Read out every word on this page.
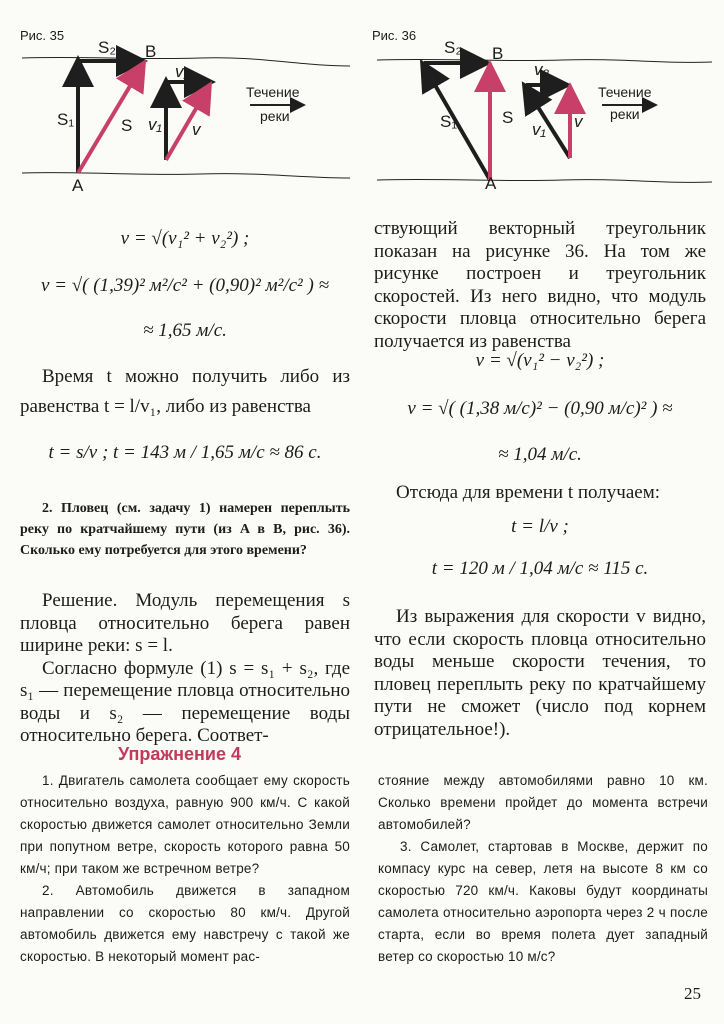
Рис. 35
S₂ B
A
S₁	S
v₂
v₁ v
Течение
реки
Рис. 36
S₂ B
A
S₁	S
v₂
v₁ v
Течение
реки
v = √(v₁² + v₂²) ;
v = √( (1,39)² м²/с² + (0,90)² м²/с² ) ≈
≈ 1,65 м/с.
Время t можно получить либо из равенства t = l/v₁, либо из равенства
t = s/v ; t = 143 м / 1,65 м/с ≈ 86 с.
2. Пловец (см. задачу 1) намерен переплыть реку по кратчайшему пути (из A в B, рис. 36). Сколько ему потребуется для этого времени?

Решение. Модуль перемещения s пловца относительно берега равен ширине реки: s = l.

Согласно формуле (1) s = s₁ + s₂, где s₁ — перемещение пловца относительно воды и s₂ — перемещение воды относительно берега. Соответ-

ствующий векторный треугольник показан на рисунке 36. На том же рисунке построен и треугольник скоростей. Из него видно, что модуль скорости пловца относительно берега получается из равенства
v = √(v₁² − v₂²) ;
v = √( (1,38 м/с)² − (0,90 м/с)² ) ≈
≈ 1,04 м/с.
Отсюда для времени t получаем:
t = l/v ;
t = 120 м / 1,04 м/с ≈ 115 с.
Из выражения для скорости v видно, что если скорость пловца относительно воды меньше скорости течения, то пловец переплыть реку по кратчайшему пути не сможет (число под корнем отрицательное!).
Упражнение 4

1. Двигатель самолета сообщает ему скорость относительно воздуха, равную 900 км/ч. С какой скоростью движется самолет относительно Земли при попутном ветре, скорость которого равна 50 км/ч; при таком же встречном ветре?

2. Автомобиль движется в западном направлении со скоростью 80 км/ч. Другой автомобиль движется ему навстречу с такой же скоростью. В некоторый момент рас-

стояние между автомобилями равно 10 км. Сколько времени пройдет до момента встречи автомобилей?

3. Самолет, стартовав в Москве, держит по компасу курс на север, летя на высоте 8 км со скоростью 720 км/ч. Каковы будут координаты самолета относительно аэропорта через 2 ч после старта, если во время полета дует западный ветер со скоростью 10 м/с?

25
